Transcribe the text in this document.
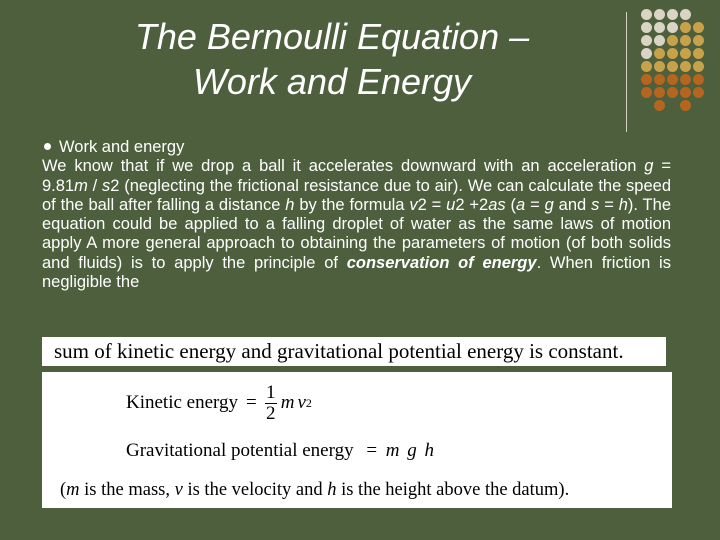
The Bernoulli Equation –
Work and Energy

Work and energy

We know that if we drop a ball it accelerates downward with an acceleration g = 9.81m / s2 (neglecting the frictional resistance due to air). We can calculate the speed of the ball after falling a distance h by the formula v2 = u2 +2as (a = g and s = h). The equation could be applied to a falling droplet of water as the same laws of motion apply A more general approach to obtaining the parameters of motion (of both solids and fluids) is to apply the principle of conservation of energy. When friction is negligible the

sum of kinetic energy and gravitational potential energy is constant.
Kinetic energy = $\frac{1}{2}$ m v 2
Gravitational potential energy = m g h
(m is the mass, v is the velocity and h is the height above the datum).
